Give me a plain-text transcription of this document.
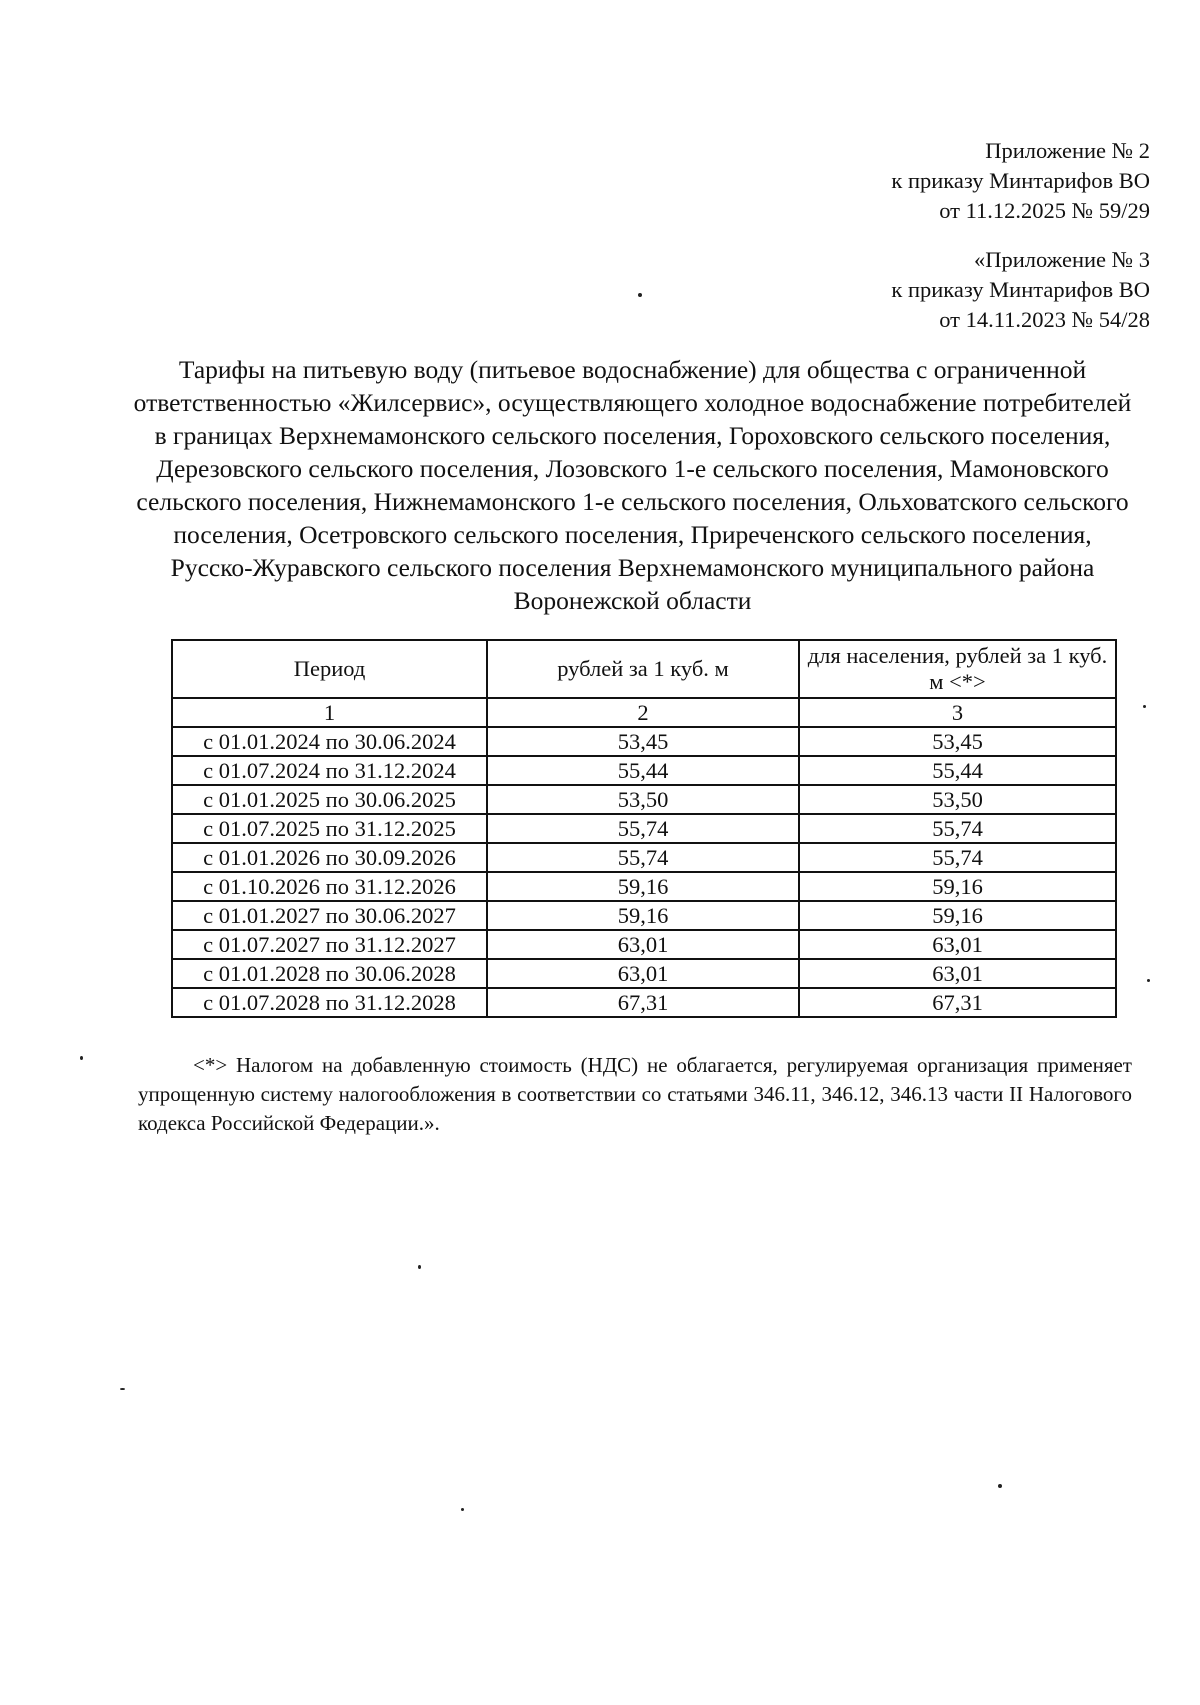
Приложение № 2
к приказу Минтарифов ВО
от 11.12.2025 № 59/29
«Приложение № 3
к приказу Минтарифов ВО
от 14.11.2023 № 54/28
Тарифы на питьевую воду (питьевое водоснабжение) для общества с ограниченной ответственностью «Жилсервис», осуществляющего холодное водоснабжение потребителей в границах Верхнемамонского сельского поселения, Гороховского сельского поселения, Дерезовского сельского поселения, Лозовского 1-е сельского поселения, Мамоновского сельского поселения, Нижнемамонского 1-е сельского поселения, Ольховатского сельского поселения, Осетровского сельского поселения, Приреченского сельского поселения, Русско-Журавского сельского поселения Верхнемамонского муниципального района Воронежской области
Период	рублей за 1 куб. м	для населения, рублей за 1 куб. м <*>
1	2	3
с 01.01.2024 по 30.06.2024	53,45	53,45
с 01.07.2024 по 31.12.2024	55,44	55,44
с 01.01.2025 по 30.06.2025	53,50	53,50
с 01.07.2025 по 31.12.2025	55,74	55,74
с 01.01.2026 по 30.09.2026	55,74	55,74
с 01.10.2026 по 31.12.2026	59,16	59,16
с 01.01.2027 по 30.06.2027	59,16	59,16
с 01.07.2027 по 31.12.2027	63,01	63,01
с 01.01.2028 по 30.06.2028	63,01	63,01
с 01.07.2028 по 31.12.2028	67,31	67,31
<*> Налогом на добавленную стоимость (НДС) не облагается, регулируемая организация применяет упрощенную систему налогообложения в соответствии со статьями 346.11, 346.12, 346.13 части II Налогового кодекса Российской Федерации.».
